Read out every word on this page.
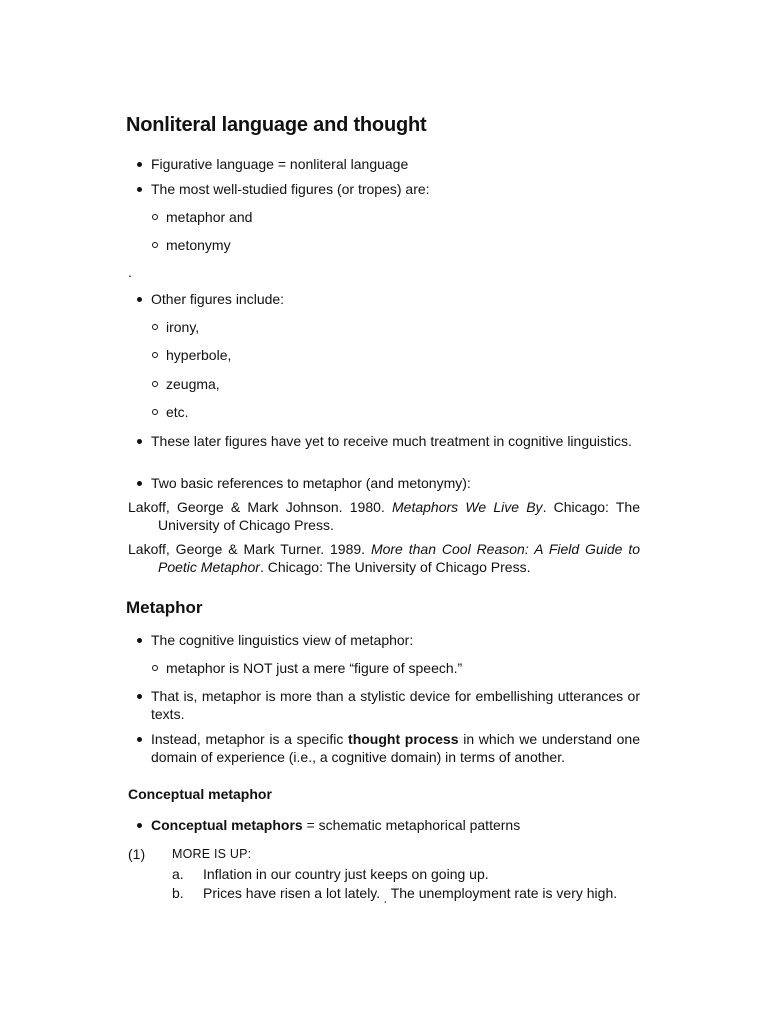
Nonliteral language and thought
Figurative language = nonliteral language
The most well-studied figures (or tropes) are:
metaphor and
metonymy
.
Other figures include:
irony,
hyperbole,
zeugma,
etc.
These later figures have yet to receive much treatment in cognitive linguistics.
Two basic references to metaphor (and metonymy):
Lakoff, George & Mark Johnson. 1980. Metaphors We Live By. Chicago: The University of Chicago Press.
Lakoff, George & Mark Turner. 1989. More than Cool Reason: A Field Guide to Poetic Metaphor. Chicago: The University of Chicago Press.
Metaphor
The cognitive linguistics view of metaphor:
metaphor is NOT just a mere “figure of speech.”
That is, metaphor is more than a stylistic device for embellishing utterances or texts.
Instead, metaphor is a specific thought process in which we understand one domain of experience (i.e., a cognitive domain) in terms of another.
Conceptual metaphor
Conceptual metaphors = schematic metaphorical patterns
(1) MORE IS UP:
a. Inflation in our country just keeps on going up.
b. Prices have risen a lot lately. $_¸$ The unemployment rate is very high.
